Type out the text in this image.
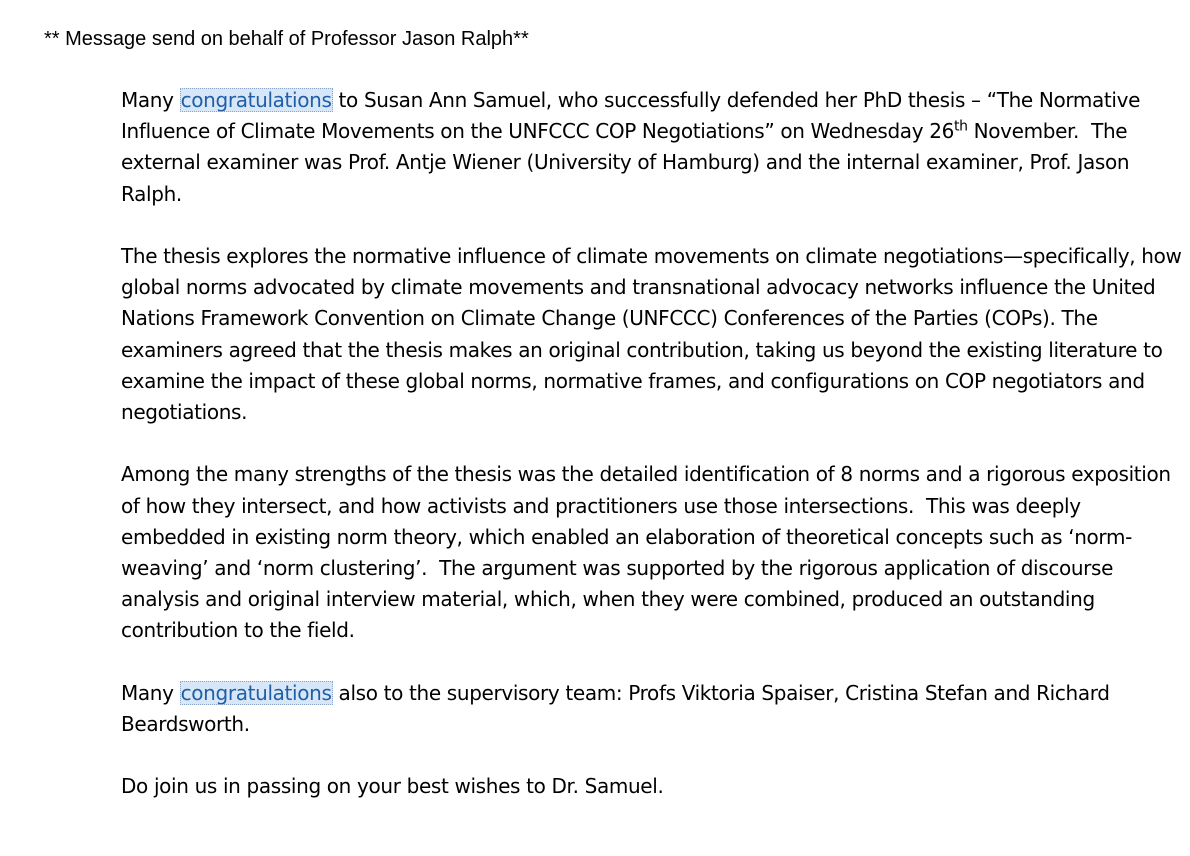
** Message send on behalf of Professor Jason Ralph**

Many congratulations to Susan Ann Samuel, who successfully defended her PhD thesis – “The Normative Influence of Climate Movements on the UNFCCC COP Negotiations” on Wednesday 26th November.  The external examiner was Prof. Antje Wiener (University of Hamburg) and the internal examiner, Prof. Jason Ralph.

The thesis explores the normative influence of climate movements on climate negotiations—specifically, how global norms advocated by climate movements and transnational advocacy networks influence the United Nations Framework Convention on Climate Change (UNFCCC) Conferences of the Parties (COPs). The examiners agreed that the thesis makes an original contribution, taking us beyond the existing literature to examine the impact of these global norms, normative frames, and configurations on COP negotiators and negotiations.

Among the many strengths of the thesis was the detailed identification of 8 norms and a rigorous exposition of how they intersect, and how activists and practitioners use those intersections.  This was deeply embedded in existing norm theory, which enabled an elaboration of theoretical concepts such as ‘norm-weaving’ and ‘norm clustering’.  The argument was supported by the rigorous application of discourse analysis and original interview material, which, when they were combined, produced an outstanding contribution to the field.

Many congratulations also to the supervisory team: Profs Viktoria Spaiser, Cristina Stefan and Richard Beardsworth.

Do join us in passing on your best wishes to Dr. Samuel.
